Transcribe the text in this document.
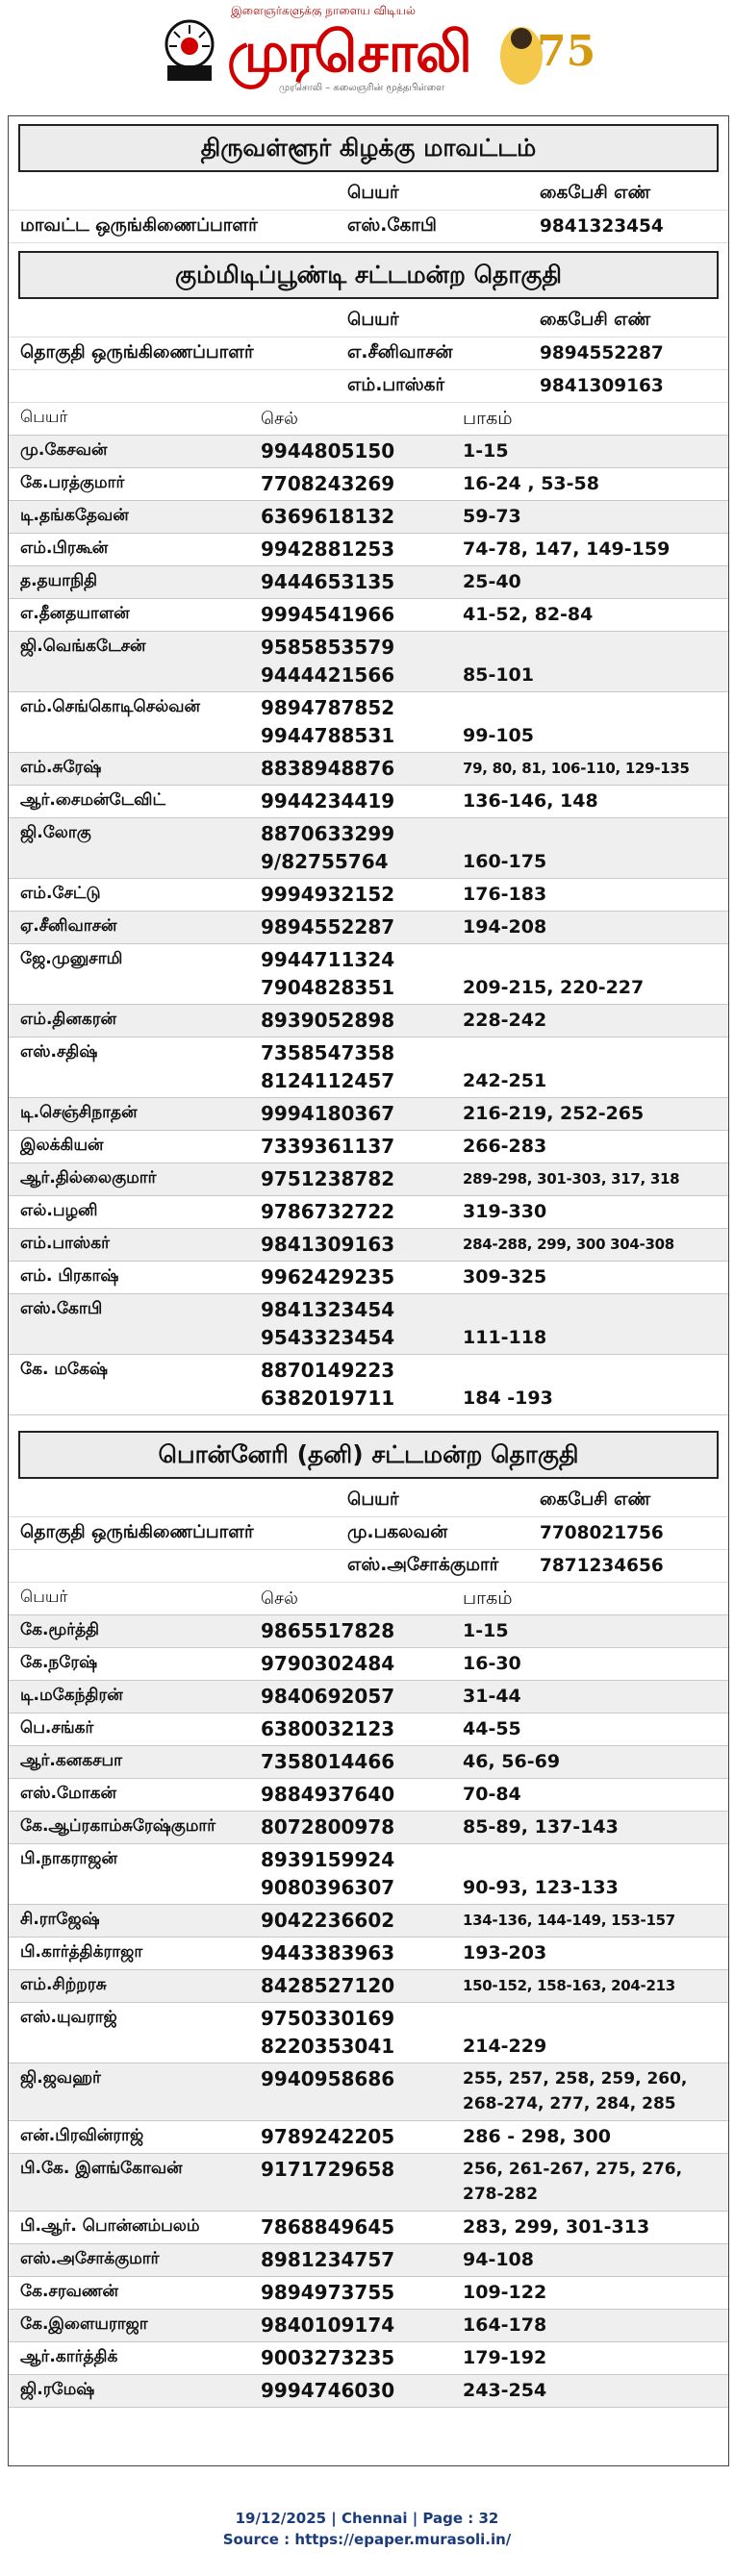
இளைஞர்களுக்கு நாளைய விடியல்
முரசொலி
முரசொலி – கலைஞரின் மூத்தபிள்ளை
75
திருவள்ளூர் கிழக்கு மாவட்டம்
பெயர்	கைபேசி எண்
மாவட்ட ஒருங்கிணைப்பாளர்	எஸ்.கோபி	9841323454
கும்மிடிப்பூண்டி சட்டமன்ற தொகுதி
பெயர்	கைபேசி எண்
தொகுதி ஒருங்கிணைப்பாளர்	எ.சீனிவாசன்	9894552287
எம்.பாஸ்கர்	9841309163
பெயர்	செல்	பாகம்
மு.கேசவன்	9944805150	1-15
கே.பரத்குமார்	7708243269	16-24 , 53-58
டி.தங்கதேவன்	6369618132	59-73
எம்.பிரகூன்	9942881253	74-78, 147, 149-159
த.தயாநிதி	9444653135	25-40
எ.தீனதயாளன்	9994541966	41-52, 82-84
ஜி.வெங்கடேசன்	9585853579
9444421566	85-101
எம்.செங்கொடிசெல்வன்	9894787852
9944788531	99-105
எம்.சுரேஷ்	8838948876	79, 80, 81, 106-110, 129-135
ஆர்.சைமன்டேவிட்	9944234419	136-146, 148
ஜி.லோகு	8870633299
9/82755764	160-175
எம்.சேட்டு	9994932152	176-183
ஏ.சீனிவாசன்	9894552287	194-208
ஜே.முனுசாமி	9944711324
7904828351	209-215, 220-227
எம்.தினகரன்	8939052898	228-242
எஸ்.சதிஷ்	7358547358
8124112457	242-251
டி.செஞ்சிநாதன்	9994180367	216-219, 252-265
இலக்கியன்	7339361137	266-283
ஆர்.தில்லைகுமார்	9751238782	289-298, 301-303, 317, 318
எல்.பழனி	9786732722	319-330
எம்.பாஸ்கர்	9841309163	284-288, 299, 300 304-308
எம். பிரகாஷ்	9962429235	309-325
எஸ்.கோபி	9841323454
9543323454	111-118
கே. மகேஷ்	8870149223
6382019711	184 -193
பொன்னேரி (தனி) சட்டமன்ற தொகுதி
பெயர்	கைபேசி எண்
தொகுதி ஒருங்கிணைப்பாளர்	மு.பகலவன்	7708021756
எஸ்.அசோக்குமார்	7871234656
பெயர்	செல்	பாகம்
கே.மூர்த்தி	9865517828	1-15
கே.நரேஷ்	9790302484	16-30
டி.மகேந்திரன்	9840692057	31-44
பெ.சங்கர்	6380032123	44-55
ஆர்.கனகசபா	7358014466	46, 56-69
எஸ்.மோகன்	9884937640	70-84
கே.ஆப்ரகாம்சுரேஷ்குமார்	8072800978	85-89, 137-143
பி.நாகராஜன்	8939159924
9080396307	90-93, 123-133
சி.ராஜேஷ்	9042236602	134-136, 144-149, 153-157
பி.கார்த்திக்ராஜா	9443383963	193-203
எம்.சிற்றரசு	8428527120	150-152, 158-163, 204-213
எஸ்.யுவராஜ்	9750330169
8220353041	214-229
ஜி.ஜவஹர்	9940958686	255, 257, 258, 259, 260,
268-274, 277, 284, 285
என்.பிரவின்ராஜ்	9789242205	286 - 298, 300
பி.கே. இளங்கோவன்	9171729658	256, 261-267, 275, 276,
278-282
பி.ஆர். பொன்னம்பலம்	7868849645	283, 299, 301-313
எஸ்.அசோக்குமார்	8981234757	94-108
கே.சரவணன்	9894973755	109-122
கே.இளையராஜா	9840109174	164-178
ஆர்.கார்த்திக்	9003273235	179-192
ஜி.ரமேஷ்	9994746030	243-254
19/12/2025 | Chennai | Page : 32
Source : https://epaper.murasoli.in/
